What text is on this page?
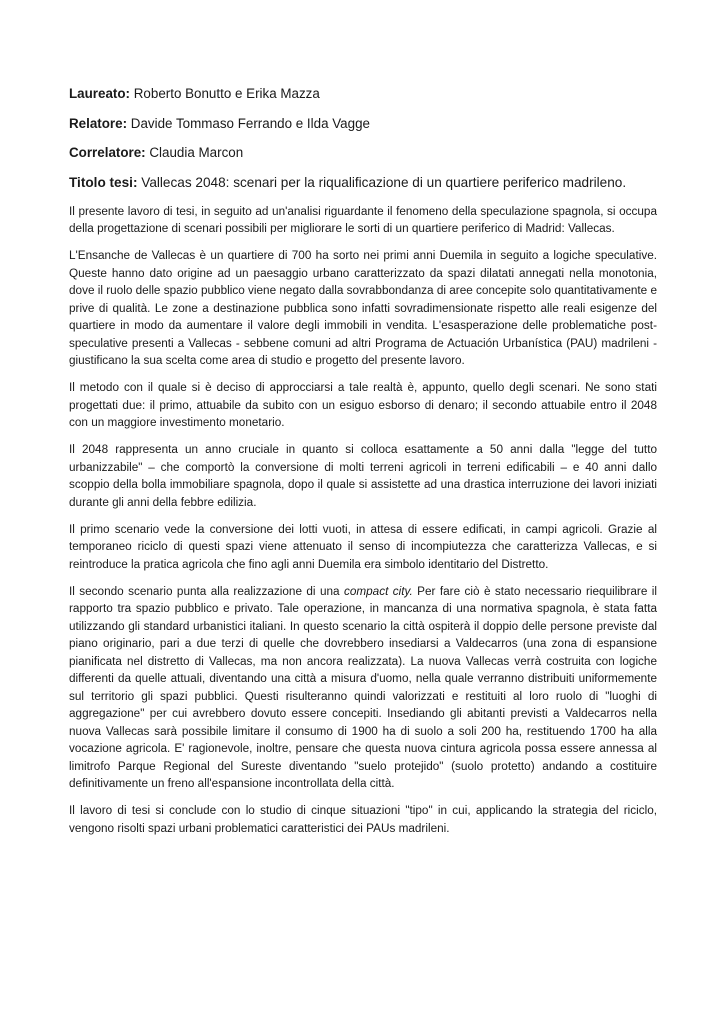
Laureato: Roberto Bonutto e Erika Mazza

Relatore: Davide Tommaso Ferrando e Ilda Vagge

Correlatore: Claudia Marcon

Titolo tesi: Vallecas 2048: scenari per la riqualificazione di un quartiere periferico madrileno.

Il presente lavoro di tesi, in seguito ad un'analisi riguardante il fenomeno della speculazione spagnola, si occupa della progettazione di scenari possibili per migliorare le sorti di un quartiere periferico di Madrid: Vallecas.

L'Ensanche de Vallecas è un quartiere di 700 ha sorto nei primi anni Duemila in seguito a logiche speculative. Queste hanno dato origine ad un paesaggio urbano caratterizzato da spazi dilatati annegati nella monotonia, dove il ruolo delle spazio pubblico viene negato dalla sovrabbondanza di aree concepite solo quantitativamente e prive di qualità. Le zone a destinazione pubblica sono infatti sovradimensionate rispetto alle reali esigenze del quartiere in modo da aumentare il valore degli immobili in vendita. L'esasperazione delle problematiche post-speculative presenti a Vallecas - sebbene comuni ad altri Programa de Actuación Urbanística (PAU) madrileni - giustificano la sua scelta come area di studio e progetto del presente lavoro.

Il metodo con il quale si è deciso di approcciarsi a tale realtà è, appunto, quello degli scenari. Ne sono stati progettati due: il primo, attuabile da subito con un esiguo esborso di denaro; il secondo attuabile entro il 2048 con un maggiore investimento monetario.

Il 2048 rappresenta un anno cruciale in quanto si colloca esattamente a 50 anni dalla "legge del tutto urbanizzabile" – che comportò la conversione di molti terreni agricoli in terreni edificabili – e 40 anni dallo scoppio della bolla immobiliare spagnola, dopo il quale si assistette ad una drastica interruzione dei lavori iniziati durante gli anni della febbre edilizia.

Il primo scenario vede la conversione dei lotti vuoti, in attesa di essere edificati, in campi agricoli. Grazie al temporaneo riciclo di questi spazi viene attenuato il senso di incompiutezza che caratterizza Vallecas, e si reintroduce la pratica agricola che fino agli anni Duemila era simbolo identitario del Distretto.

Il secondo scenario punta alla realizzazione di una compact city. Per fare ciò è stato necessario riequilibrare il rapporto tra spazio pubblico e privato. Tale operazione, in mancanza di una normativa spagnola, è stata fatta utilizzando gli standard urbanistici italiani. In questo scenario la città ospiterà il doppio delle persone previste dal piano originario, pari a due terzi di quelle che dovrebbero insediarsi a Valdecarros (una zona di espansione pianificata nel distretto di Vallecas, ma non ancora realizzata). La nuova Vallecas verrà costruita con logiche differenti da quelle attuali, diventando una città a misura d'uomo, nella quale verranno distribuiti uniformemente sul territorio gli spazi pubblici. Questi risulteranno quindi valorizzati e restituiti al loro ruolo di "luoghi di aggregazione" per cui avrebbero dovuto essere concepiti. Insediando gli abitanti previsti a Valdecarros nella nuova Vallecas sarà possibile limitare il consumo di 1900 ha di suolo a soli 200 ha, restituendo 1700 ha alla vocazione agricola. E' ragionevole, inoltre, pensare che questa nuova cintura agricola possa essere annessa al limitrofo Parque Regional del Sureste diventando "suelo protejido" (suolo protetto) andando a costituire definitivamente un freno all'espansione incontrollata della città.

Il lavoro di tesi si conclude con lo studio di cinque situazioni "tipo" in cui, applicando la strategia del riciclo, vengono risolti spazi urbani problematici caratteristici dei PAUs madrileni.
